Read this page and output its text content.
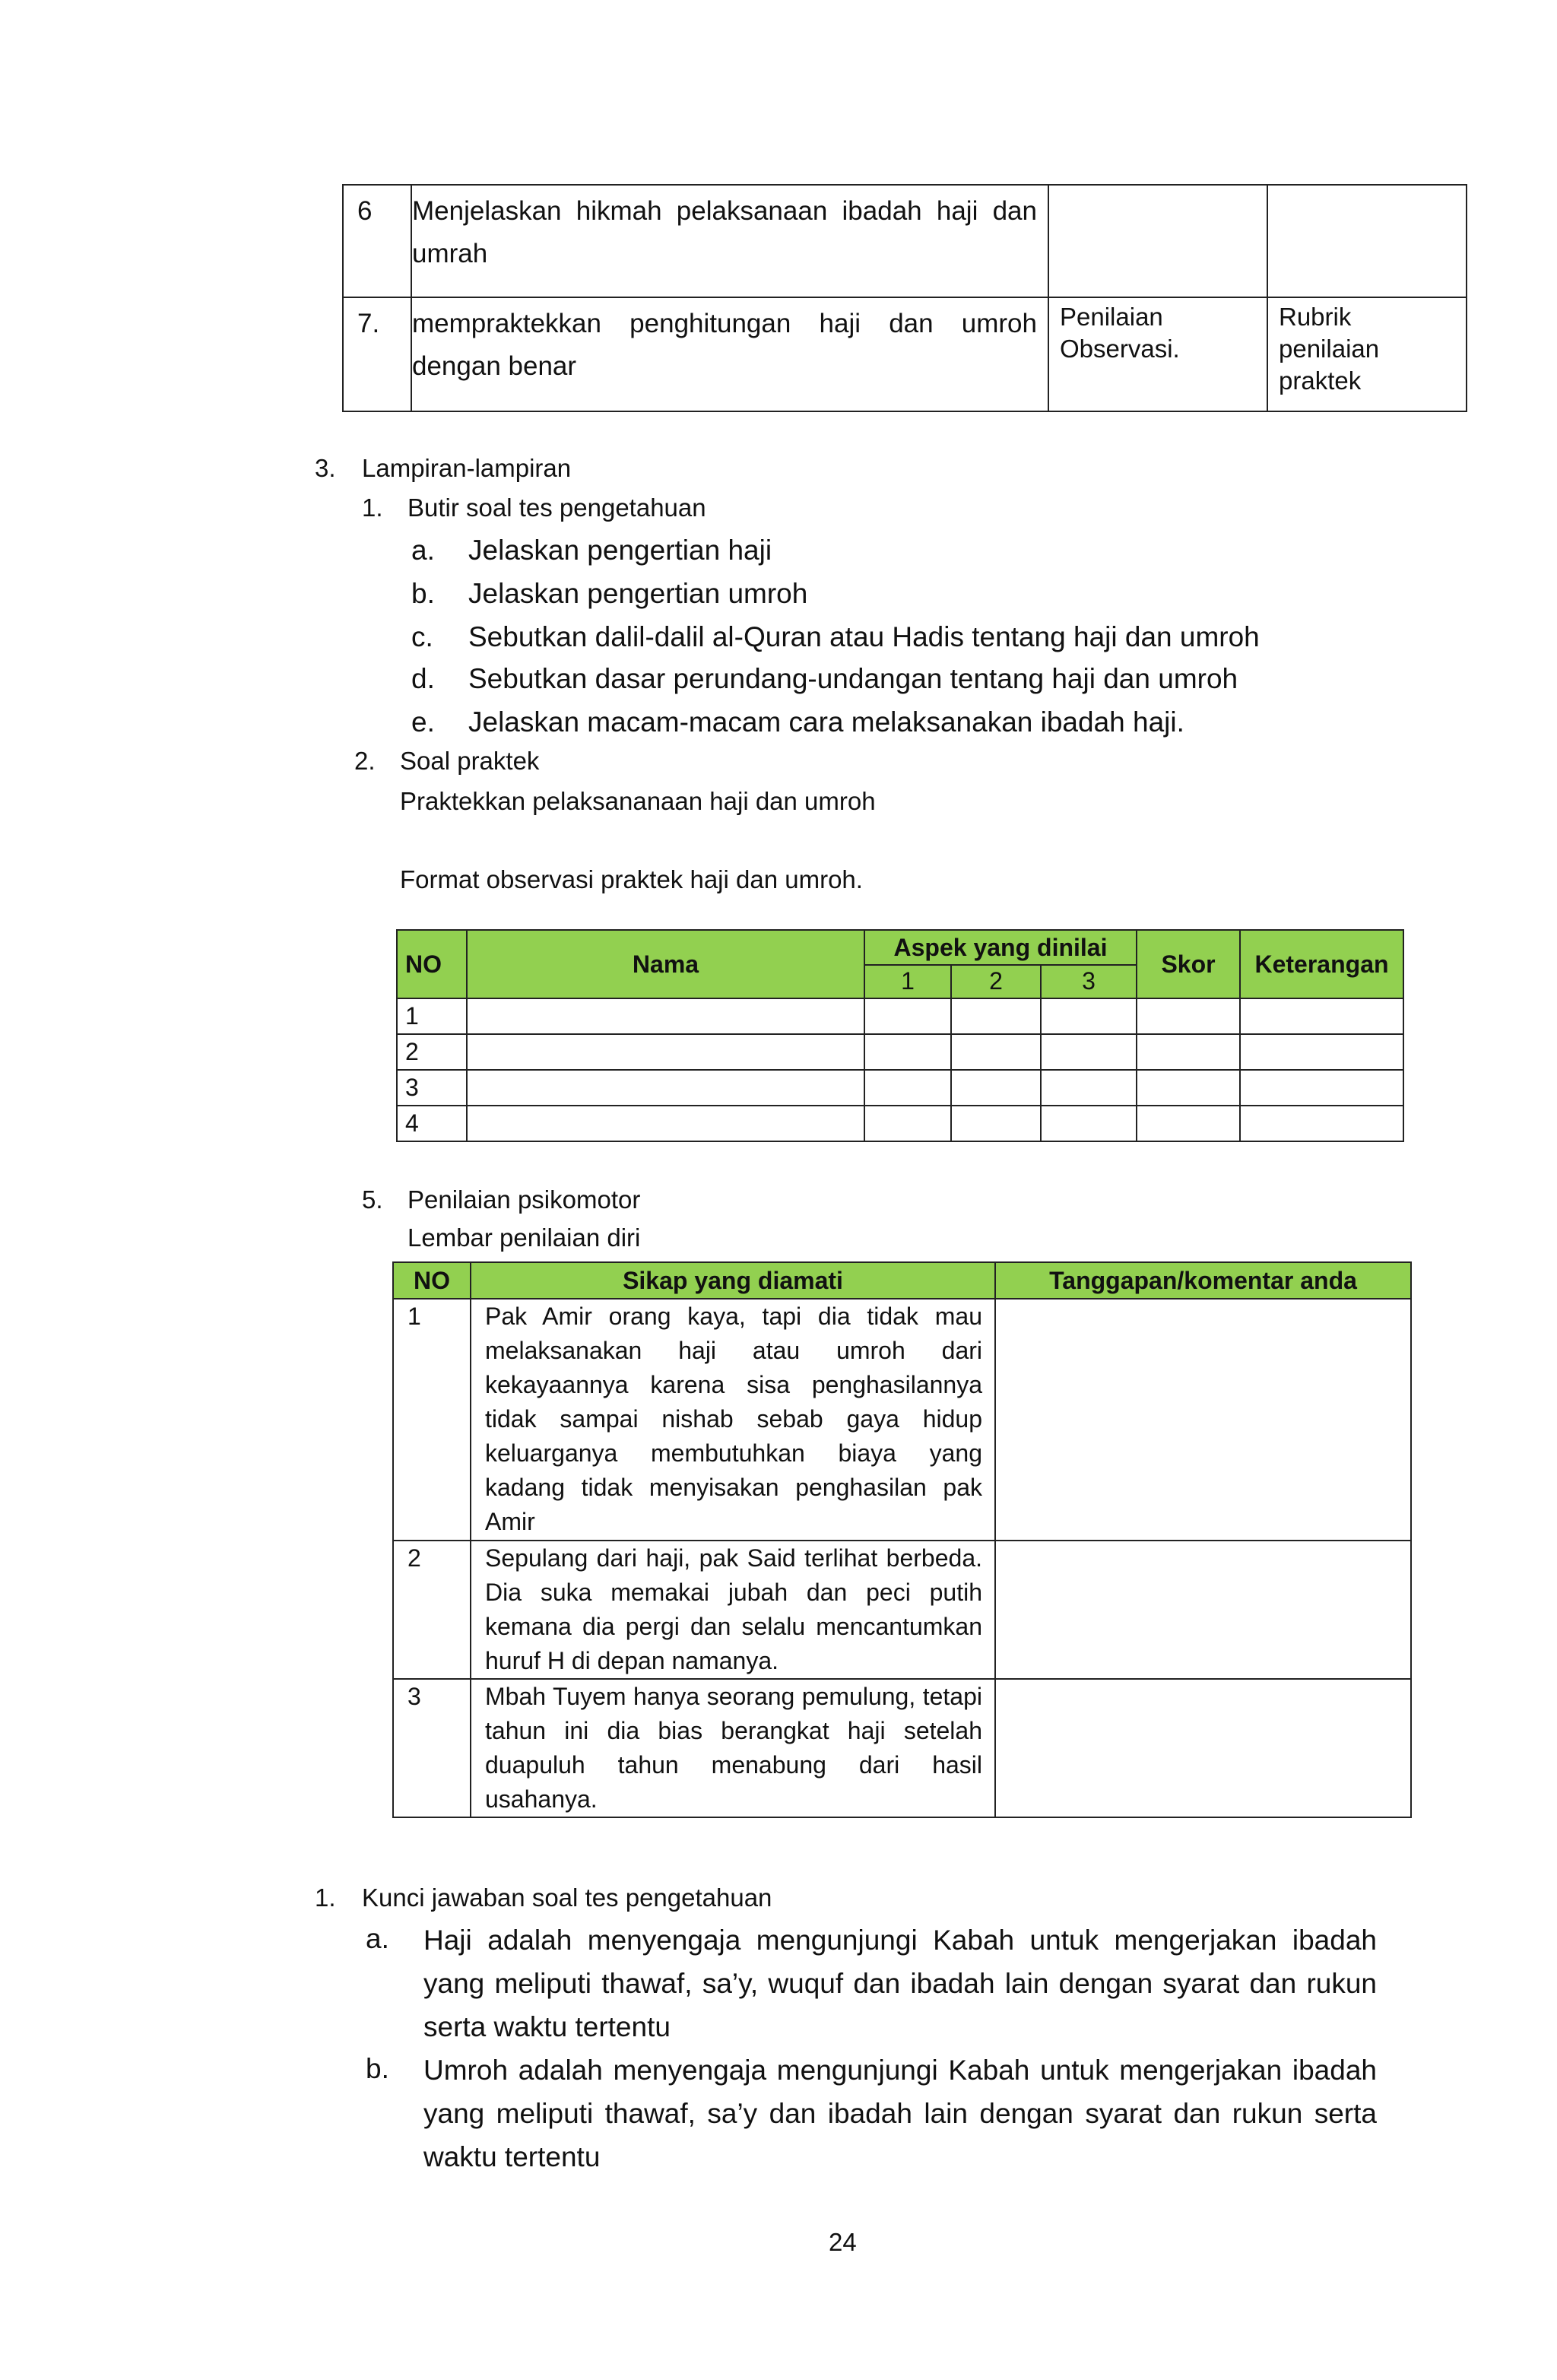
6	Menjelaskan hikmah pelaksanaan ibadah haji dan umrah		
7.	mempraktekkan penghitungan haji dan umroh dengan benar	Penilaian Observasi.	Rubrik penilaian praktek
3. Lampiran-lampiran
1. Butir soal tes pengetahuan
a. Jelaskan pengertian haji
b. Jelaskan pengertian umroh
c. Sebutkan dalil-dalil al-Quran atau Hadis tentang haji dan umroh
d. Sebutkan dasar perundang-undangan tentang haji dan umroh
e. Jelaskan macam-macam cara melaksanakan ibadah haji.
2. Soal praktek
Praktekkan pelaksananaan haji dan umroh
Format observasi praktek haji dan umroh.
NO	Nama	Aspek yang dinilai			Skor	Keterangan
		1	2	3		
1						
2						
3						
4						
5. Penilaian psikomotor
Lembar penilaian diri
NO	Sikap yang diamati	Tanggapan/komentar anda
1	Pak Amir orang kaya, tapi dia tidak mau melaksanakan haji atau umroh dari kekayaannya karena sisa penghasilannya tidak sampai nishab sebab gaya hidup keluarganya membutuhkan biaya yang kadang tidak menyisakan penghasilan pak Amir	
2	Sepulang dari haji, pak Said terlihat berbeda. Dia suka memakai jubah dan peci putih kemana dia pergi dan selalu mencantumkan huruf H di depan namanya.	
3	Mbah Tuyem hanya seorang pemulung, tetapi tahun ini dia bias berangkat haji setelah duapuluh tahun menabung dari hasil usahanya.	
1. Kunci jawaban soal tes pengetahuan
a. Haji adalah menyengaja mengunjungi Kabah untuk mengerjakan ibadah yang meliputi thawaf, sa’y, wuquf dan ibadah lain dengan syarat dan rukun serta waktu tertentu
b. Umroh adalah menyengaja mengunjungi Kabah untuk mengerjakan ibadah yang meliputi thawaf, sa’y dan ibadah lain dengan syarat dan rukun serta waktu tertentu
24
